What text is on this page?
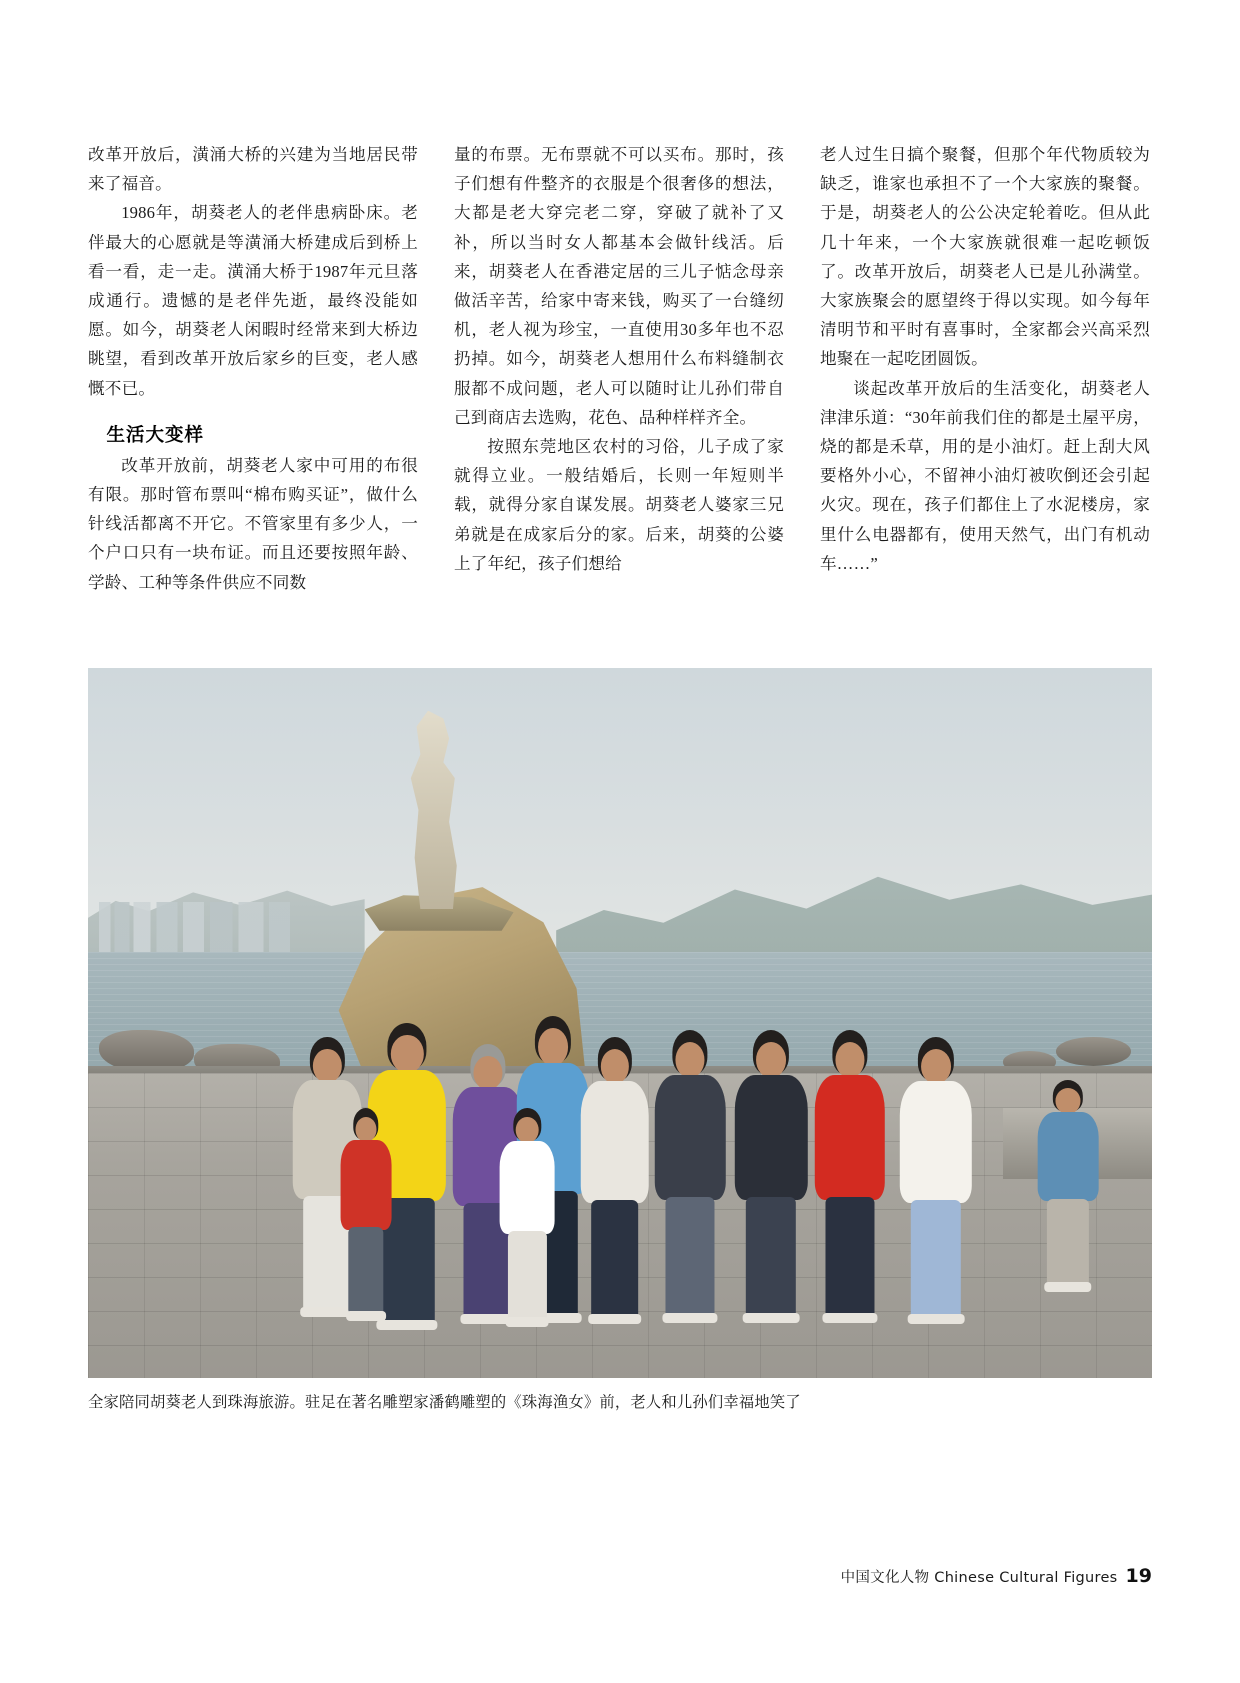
改革开放后，潢涌大桥的兴建为当地居民带来了福音。

1986年，胡葵老人的老伴患病卧床。老伴最大的心愿就是等潢涌大桥建成后到桥上看一看，走一走。潢涌大桥于1987年元旦落成通行。遗憾的是老伴先逝，最终没能如愿。如今，胡葵老人闲暇时经常来到大桥边眺望，看到改革开放后家乡的巨变，老人感慨不已。

生活大变样

改革开放前，胡葵老人家中可用的布很有限。那时管布票叫“棉布购买证”，做什么针线活都离不开它。不管家里有多少人，一个户口只有一块布证。而且还要按照年龄、学龄、工种等条件供应不同数

量的布票。无布票就不可以买布。那时，孩子们想有件整齐的衣服是个很奢侈的想法，大都是老大穿完老二穿，穿破了就补了又补，所以当时女人都基本会做针线活。后来，胡葵老人在香港定居的三儿子惦念母亲做活辛苦，给家中寄来钱，购买了一台缝纫机，老人视为珍宝，一直使用30多年也不忍扔掉。如今，胡葵老人想用什么布料缝制衣服都不成问题，老人可以随时让儿孙们带自己到商店去选购，花色、品种样样齐全。

按照东莞地区农村的习俗，儿子成了家就得立业。一般结婚后，长则一年短则半载，就得分家自谋发展。胡葵老人婆家三兄弟就是在成家后分的家。后来，胡葵的公婆上了年纪，孩子们想给

老人过生日搞个聚餐，但那个年代物质较为缺乏，谁家也承担不了一个大家族的聚餐。于是，胡葵老人的公公决定轮着吃。但从此几十年来，一个大家族就很难一起吃顿饭了。改革开放后，胡葵老人已是儿孙满堂。大家族聚会的愿望终于得以实现。如今每年清明节和平时有喜事时，全家都会兴高采烈地聚在一起吃团圆饭。

谈起改革开放后的生活变化，胡葵老人津津乐道：“30年前我们住的都是土屋平房，烧的都是禾草，用的是小油灯。赶上刮大风要格外小心，不留神小油灯被吹倒还会引起火灾。现在，孩子们都住上了水泥楼房，家里什么电器都有，使用天然气，出门有机动车……”

全家陪同胡葵老人到珠海旅游。驻足在著名雕塑家潘鹤雕塑的《珠海渔女》前，老人和儿孙们幸福地笑了
中国文化人物 Chinese Cultural Figures 19
